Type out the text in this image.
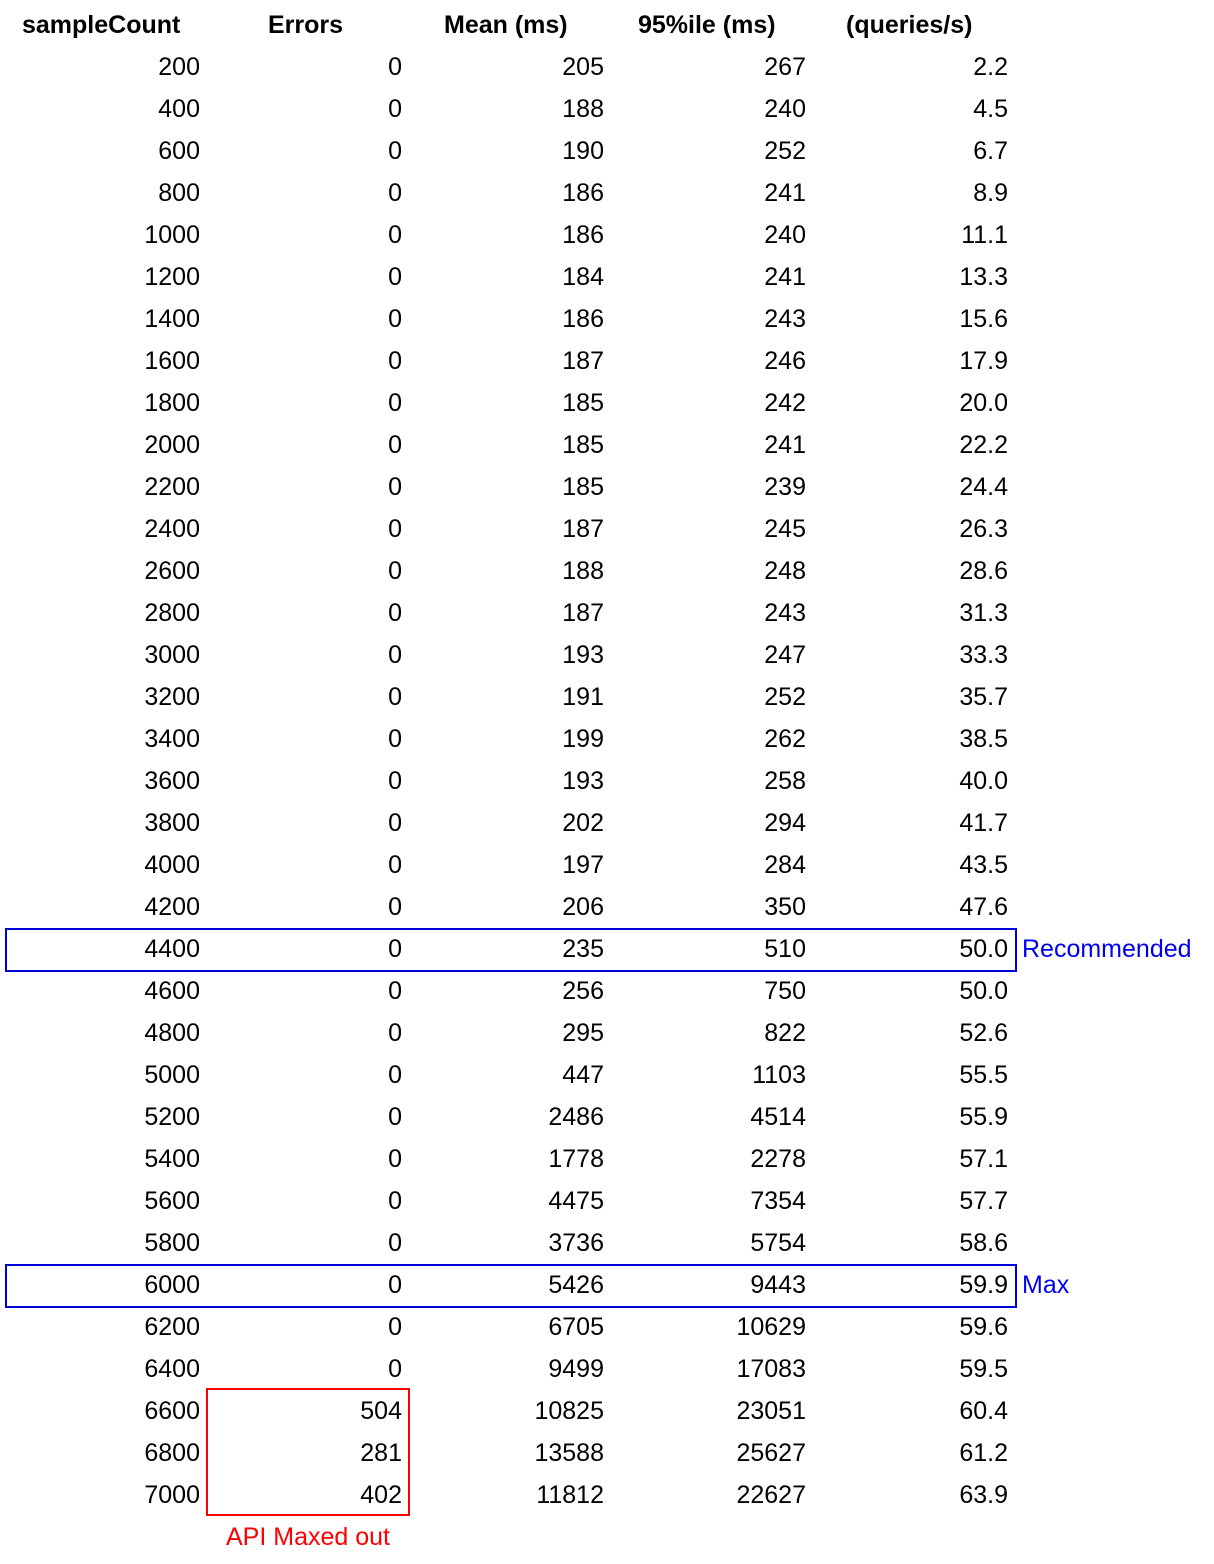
sampleCount	Errors	Mean (ms)	95%ile (ms)	(queries/s)
200	0	205	267	2.2
400	0	188	240	4.5
600	0	190	252	6.7
800	0	186	241	8.9
1000	0	186	240	11.1
1200	0	184	241	13.3
1400	0	186	243	15.6
1600	0	187	246	17.9
1800	0	185	242	20.0
2000	0	185	241	22.2
2200	0	185	239	24.4
2400	0	187	245	26.3
2600	0	188	248	28.6
2800	0	187	243	31.3
3000	0	193	247	33.3
3200	0	191	252	35.7
3400	0	199	262	38.5
3600	0	193	258	40.0
3800	0	202	294	41.7
4000	0	197	284	43.5
4200	0	206	350	47.6
4400	0	235	510	50.0 Recommended
4600	0	256	750	50.0
4800	0	295	822	52.6
5000	0	447	1103	55.5
5200	0	2486	4514	55.9
5400	0	1778	2278	57.1
5600	0	4475	7354	57.7
5800	0	3736	5754	58.6
6000	0	5426	9443	59.9 Max
6200	0	6705	10629	59.6
6400	0	9499	17083	59.5
6600	504	10825	23051	60.4
6800	281	13588	25627	61.2
7000	402	11812	22627	63.9
API Maxed out
